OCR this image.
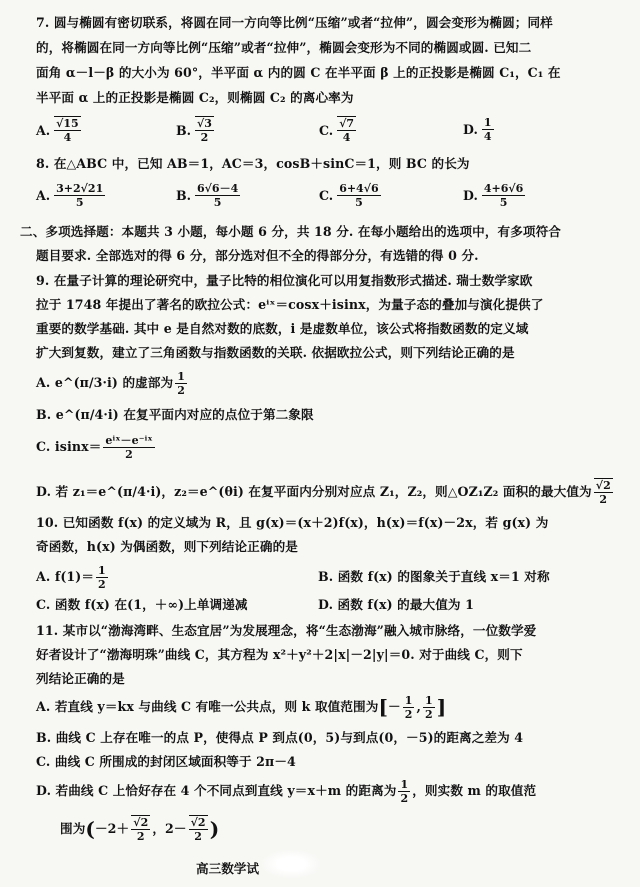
7. 圆与椭圆有密切联系，将圆在同一方向等比例“压缩”或者“拉伸”，圆会变形为椭圆；同样
的，将椭圆在同一方向等比例“压缩”或者“拉伸”，椭圆会变形为不同的椭圆或圆. 已知二
面角 α－l－β 的大小为 60°，半平面 α 内的圆 C 在半平面 β 上的正投影是椭圆 C₁，C₁ 在
半平面 α 上的正投影是椭圆 C₂，则椭圆 C₂ 的离心率为
A. $\frac{√15}{4}$	B. $\frac{√3}{2}$	C. $\frac{√7}{4}$	D. $\frac{1}{4}$
8. 在△ABC 中，已知 AB＝1，AC＝3，cosB＋sinC＝1，则 BC 的长为
A. $\frac{3+2√21}{5}$	B. $\frac{6√6-4}{5}$	C. $\frac{6+4√6}{5}$	D. $\frac{4+6√6}{5}$
二、多项选择题：本题共 3 小题，每小题 6 分，共 18 分. 在每小题给出的选项中，有多项符合
题目要求. 全部选对的得 6 分，部分选对但不全的得部分分，有选错的得 0 分.
9. 在量子计算的理论研究中，量子比特的相位演化可以用复指数形式描述. 瑞士数学家欧
拉于 1748 年提出了著名的欧拉公式：eⁱˣ＝cosx＋isinx，为量子态的叠加与演化提供了
重要的数学基础. 其中 e 是自然对数的底数，i 是虚数单位，该公式将指数函数的定义域
扩大到复数，建立了三角函数与指数函数的关联. 依据欧拉公式，则下列结论正确的是
A. e^(π/3·i) 的虚部为 $\frac{1}{2}$
B. e^(π/4·i) 在复平面内对应的点位于第二象限
C. $isinx= \frac{\text{eⁱˣ－e⁻ⁱˣ}}{2}$
D. 若 z₁＝e^(π/4·i)，z₂＝e^(θi) 在复平面内分别对应点 Z₁，Z₂，则△OZ₁Z₂ 面积的最大值为 $\frac{√2}{2}$
10. 已知函数 f(x) 的定义域为 R，且 g(x)＝(x＋2)f(x)，h(x)＝f(x)－2x，若 g(x) 为
奇函数，h(x) 为偶函数，则下列结论正确的是
A. $f(1)= \frac{1}{2}$	B. 函数 f(x) 的图象关于直线 x＝1 对称
C. 函数 f(x) 在(1，＋∞)上单调递减	D. 函数 f(x) 的最大值为 1
11. 某市以“渤海湾畔、生态宜居”为发展理念，将“生态渤海”融入城市脉络，一位数学爱
好者设计了“渤海明珠”曲线 C，其方程为 x²＋y²＋2|x|－2|y|＝0. 对于曲线 C，则下
列结论正确的是
A. 若直线 y＝kx 与曲线 C 有唯一公共点，则 k 取值范围为 [ － $\frac{1}{2}$ , $\frac{1}{2}$ ]
B. 曲线 C 上存在唯一的点 P，使得点 P 到点(0，5)与到点(0，－5)的距离之差为 4
C. 曲线 C 所围成的封闭区域面积等于 2π－4
D. 若曲线 C 上恰好存在 4 个不同点到直线 y＝x＋m 的距离为 $\frac{1}{2}$ ，则实数 m 的取值范
围为 ( $-2+ \frac{√2}{2}$ ，$2- \frac{√2}{2}$ )
高三数学试
